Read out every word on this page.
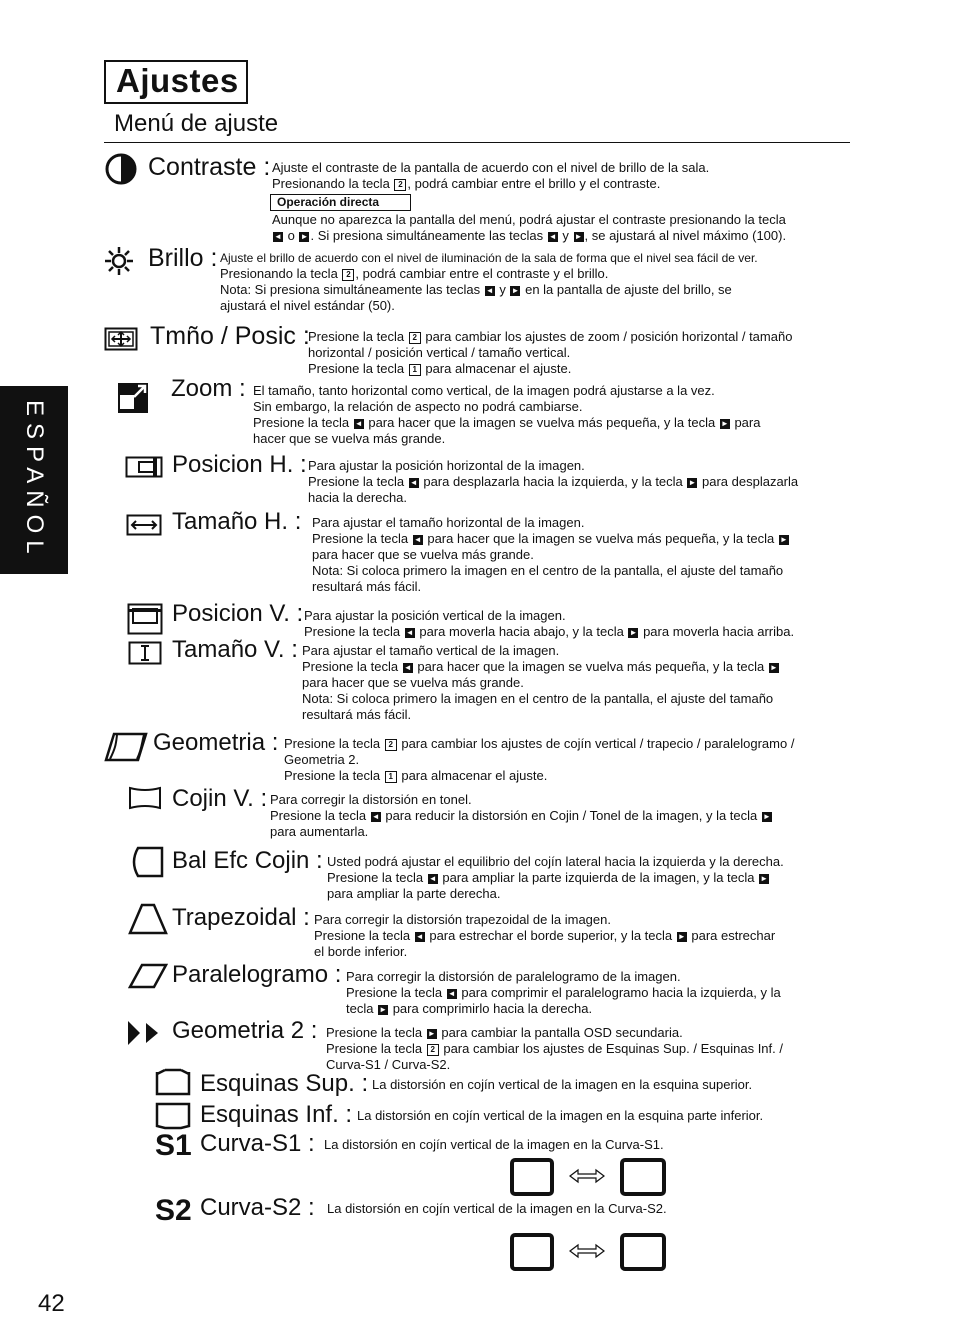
Ajustes
Menú de ajuste
ESPAÑOL
42
S1
S2
Contraste : Ajuste el contraste de la pantalla de acuerdo con el nivel de brillo de la sala.
Presionando la tecla 2 , podrá cambiar entre el brillo y el contraste.
Operación directa
Aunque no aparezca la pantalla del menú, podrá ajustar el contraste presionando la tecla
◄ o ► . Si presiona simultáneamente las teclas ◄ y ► , se ajustará al nivel máximo (100).
Brillo : Ajuste el brillo de acuerdo con el nivel de iluminación de la sala de forma que el nivel sea fácil de ver.
Presionando la tecla 2 , podrá cambiar entre el contraste y el brillo.
Nota: Si presiona simultáneamente las teclas ◄ y ► en la pantalla de ajuste del brillo, se
ajustará el nivel estándar (50).
Tmño / Posic :
Presione la tecla 2 para cambiar los ajustes de zoom / posición horizontal / tamaño
horizontal / posición vertical / tamaño vertical.
Presione la tecla 1 para almacenar el ajuste.
Zoom : El tamaño, tanto horizontal como vertical, de la imagen podrá ajustarse a la vez.
Sin embargo, la relación de aspecto no podrá cambiarse.
Presione la tecla ◄ para hacer que la imagen se vuelva más pequeña, y la tecla ► para
hacer que se vuelva más grande.
Posicion H. : Para ajustar la posición horizontal de la imagen.
Presione la tecla ◄ para desplazarla hacia la izquierda, y la tecla ► para desplazarla
hacia la derecha.
Tamaño H. : Para ajustar el tamaño horizontal de la imagen.
Presione la tecla ◄ para hacer que la imagen se vuelva más pequeña, y la tecla ►
para hacer que se vuelva más grande.
Nota: Si coloca primero la imagen en el centro de la pantalla, el ajuste del tamaño
resultará más fácil.
Posicion V. : Para ajustar la posición vertical de la imagen.
Presione la tecla ◄ para moverla hacia abajo, y la tecla ► para moverla hacia arriba.
Tamaño V. : Para ajustar el tamaño vertical de la imagen.
Presione la tecla ◄ para hacer que la imagen se vuelva más pequeña, y la tecla ►
para hacer que se vuelva más grande.
Nota: Si coloca primero la imagen en el centro de la pantalla, el ajuste del tamaño
resultará más fácil.
Geometria : Presione la tecla 2 para cambiar los ajustes de cojín vertical / trapecio / paralelogramo /
Geometria 2.
Presione la tecla 1 para almacenar el ajuste.
Cojin V. : Para corregir la distorsión en tonel.
Presione la tecla ◄ para reducir la distorsión en Cojin / Tonel de la imagen, y la tecla ►
para aumentarla.
Bal Efc Cojin : Usted podrá ajustar el equilibrio del cojín lateral hacia la izquierda y la derecha.
Presione la tecla ◄ para ampliar la parte izquierda de la imagen, y la tecla ►
para ampliar la parte derecha.
Trapezoidal : Para corregir la distorsión trapezoidal de la imagen.
Presione la tecla ◄ para estrechar el borde superior, y la tecla ► para estrechar
el borde inferior.
Paralelogramo : Para corregir la distorsión de paralelogramo de la imagen.
Presione la tecla ◄ para comprimir el paralelogramo hacia la izquierda, y la
tecla ► para comprimirlo hacia la derecha.
Geometria 2 : Presione la tecla ► para cambiar la pantalla OSD secundaria.
Presione la tecla 2 para cambiar los ajustes de Esquinas Sup. / Esquinas Inf. /
Curva-S1 / Curva-S2.
Esquinas Sup. : La distorsión en cojín vertical de la imagen en la esquina superior.
Esquinas Inf. : La distorsión en cojín vertical de la imagen en la esquina parte inferior.
Curva-S1 : La distorsión en cojín vertical de la imagen en la Curva-S1.
Curva-S2 : La distorsión en cojín vertical de la imagen en la Curva-S2.
